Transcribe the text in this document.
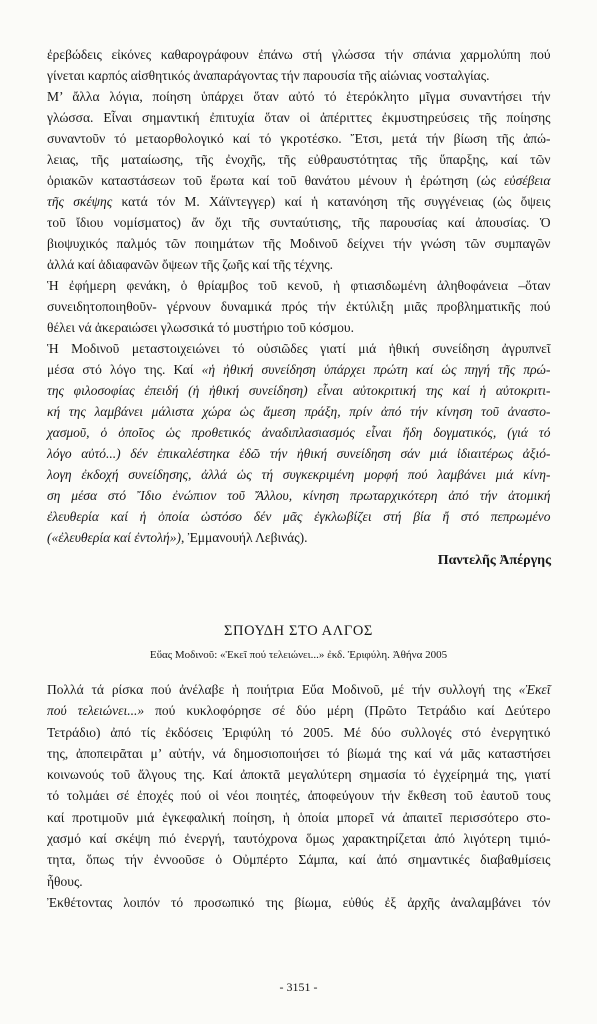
ἐρεβώδεις εἰκόνες καθαρογράφουν ἐπάνω στή γλώσσα τήν σπάνια χαρμολύπη πού
γίνεται καρπός αἰσθητικός ἀναπαράγοντας τήν παρουσία τῆς αἰώνιας νοσταλγίας.
Μ’ ἄλλα λόγια, ποίηση ὑπάρχει ὅταν αὐτό τό ἑτερόκλητο μῖγμα συναντήσει τήν
γλώσσα. Εἶναι σημαντική ἐπιτυχία ὅταν οἱ ἀπέριττες ἐκμυστηρεύσεις τῆς ποίησης
συναντοῦν τό μεταορθολογικό καί τό γκροτέσκο. Ἔτσι, μετά τήν βίωση τῆς ἀπώ-
λειας, τῆς ματαίωσης, τῆς ἐνοχῆς, τῆς εὐθραυστότητας τῆς ὕπαρξης, καί τῶν
ὁριακῶν καταστάσεων τοῦ ἔρωτα καί τοῦ θανάτου μένουν ἡ ἐρώτηση (ὡς εὐσέβεια
τῆς σκέψης κατά τόν Μ. Χάϊντεγγερ) καί ἡ κατανόηση τῆς συγγένειας (ὡς ὄψεις
τοῦ ἴδιου νομίσματος) ἄν ὄχι τῆς συνταύτισης, τῆς παρουσίας καί ἀπουσίας. Ὁ
βιοψυχικός παλμός τῶν ποιημάτων τῆς Μοδινοῦ δείχνει τήν γνώση τῶν συμπαγῶν
ἀλλά καί ἀδιαφανῶν ὄψεων τῆς ζωῆς καί τῆς τέχνης.
Ἡ ἐφήμερη φενάκη, ὁ θρίαμβος τοῦ κενοῦ, ἡ φτιασιδωμένη ἀληθοφάνεια –ὅταν
συνειδητοποιηθοῦν- γέρνουν δυναμικά πρός τήν ἐκτύλιξη μιᾶς προβληματικῆς πού
θέλει νά ἀκεραιώσει γλωσσικά τό μυστήριο τοῦ κόσμου.
Ἡ Μοδινοῦ μεταστοιχειώνει τό οὐσιῶδες γιατί μιά ἠθική συνείδηση ἀγρυπνεῖ
μέσα στό λόγο της. Καί «ἡ ἠθική συνείδηση ὑπάρχει πρώτη καί ὡς πηγή τῆς πρώ-
της φιλοσοφίας ἐπειδή (ἡ ἠθική συνείδηση) εἶναι αὐτοκριτική της καί ἡ αὐτοκριτι-
κή της λαμβάνει μάλιστα χώρα ὡς ἄμεση πράξη, πρίν ἀπό τήν κίνηση τοῦ ἀναστο-
χασμοῦ, ὁ ὁποῖος ὡς προθετικός ἀναδιπλασιασμός εἶναι ἤδη δογματικός, (γιά τό
λόγο αὐτό...) δέν ἐπικαλέστηκα ἐδῶ τήν ἠθική συνείδηση σάν μιά ἰδιαιτέρως ἀξιό-
λογη ἐκδοχή συνείδησης, ἀλλά ὡς τή συγκεκριμένη μορφή πού λαμβάνει μιά κίνη-
ση μέσα στό Ἴδιο ἐνώπιον τοῦ Ἄλλου, κίνηση πρωταρχικότερη ἀπό τήν ἀτομική
ἐλευθερία καί ἡ ὁποία ὡστόσο δέν μᾶς ἐγκλωβίζει στή βία ἤ στό πεπρωμένο
(«ἐλευθερία καί ἐντολή»), Ἐμμανουήλ Λεβινάς).
Παντελῆς Ἀπέργης
ΣΠΟΥΔΗ ΣΤΟ ΑΛΓΟΣ
Εὔας Μοδινοῦ: «Ἐκεῖ πού τελειώνει...» ἐκδ. Ἐριφύλη. Ἀθήνα 2005
Πολλά τά ρίσκα πού ἀνέλαβε ἡ ποιήτρια Εὔα Μοδινοῦ, μέ τήν συλλογή της «Ἐκεῖ
πού τελειώνει...» πού κυκλοφόρησε σέ δύο μέρη (Πρῶτο Τετράδιο καί Δεύτερο
Τετράδιο) ἀπό τίς ἐκδόσεις Ἐριφύλη τό 2005. Μέ δύο συλλογές στό ἐνεργητικό
της, ἀποπειρᾶται μ’ αὐτήν, νά δημοσιοποιήσει τό βίωμά της καί νά μᾶς καταστήσει
κοινωνούς τοῦ ἄλγους της. Καί ἀποκτᾶ μεγαλύτερη σημασία τό ἐγχείρημά της, γιατί
τό τολμάει σέ ἐποχές πού οἱ νέοι ποιητές, ἀποφεύγουν τήν ἔκθεση τοῦ ἑαυτοῦ τους
καί προτιμοῦν μιά ἐγκεφαλική ποίηση, ἡ ὁποία μπορεῖ νά ἀπαιτεῖ περισσότερο στο-
χασμό καί σκέψη πιό ἐνεργή, ταυτόχρονα ὅμως χαρακτηρίζεται ἀπό λιγότερη τιμιό-
τητα, ὅπως τήν ἐννοοῦσε ὁ Οὐμπέρτο Σάμπα, καί ἀπό σημαντικές διαβαθμίσεις
ἦθους.
Ἐκθέτοντας λοιπόν τό προσωπικό της βίωμα, εὐθύς ἐξ ἀρχῆς ἀναλαμβάνει τόν
- 3151 -
